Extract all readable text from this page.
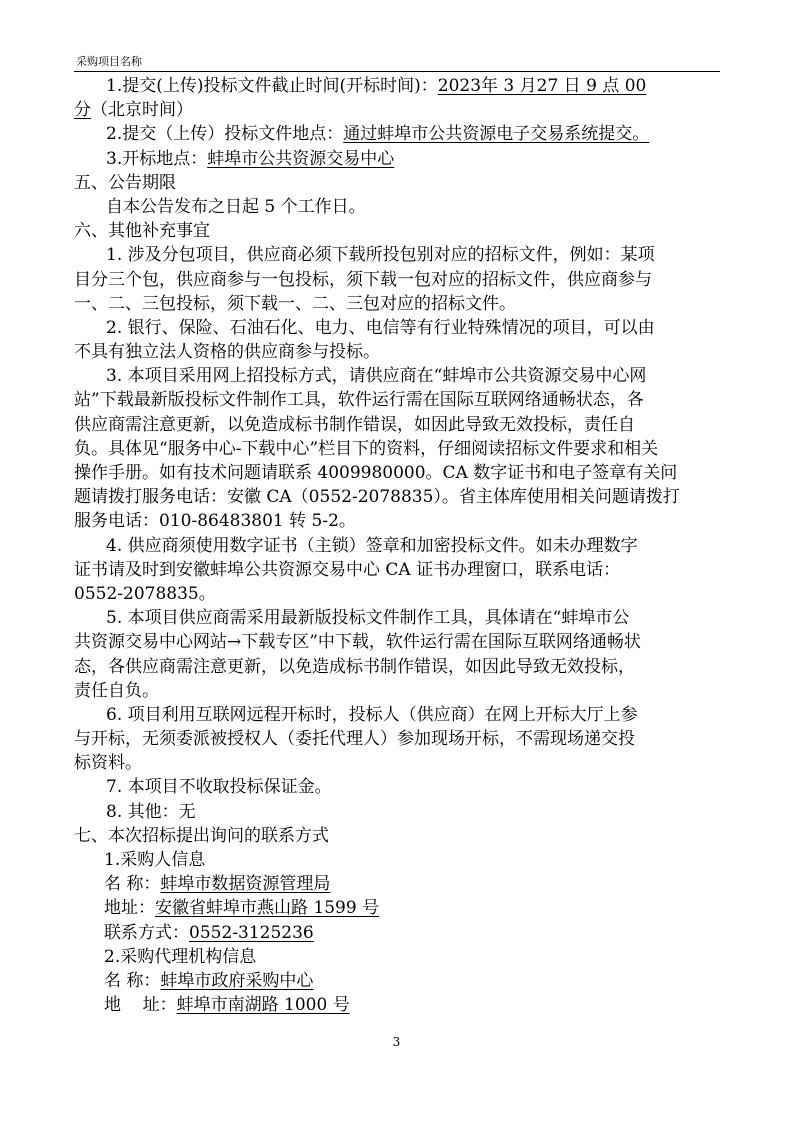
采购项目名称
1.提交(上传)投标文件截止时间(开标时间)：2023年 3 月27 日 9 点 00
分（北京时间）
2.提交（上传）投标文件地点：通过蚌埠市公共资源电子交易系统提交。
3.开标地点：蚌埠市公共资源交易中心
五、公告期限
自本公告发布之日起 5 个工作日。
六、其他补充事宜
1. 涉及分包项目，供应商必须下载所投包别对应的招标文件，例如：某项
目分三个包，供应商参与一包投标，须下载一包对应的招标文件，供应商参与
一、二、三包投标，须下载一、二、三包对应的招标文件。
2. 银行、保险、石油石化、电力、电信等有行业特殊情况的项目，可以由
不具有独立法人资格的供应商参与投标。
3. 本项目采用网上招投标方式，请供应商在“蚌埠市公共资源交易中心网
站”下载最新版投标文件制作工具，软件运行需在国际互联网络通畅状态，各
供应商需注意更新，以免造成标书制作错误，如因此导致无效投标，责任自
负。具体见“服务中心-下载中心”栏目下的资料，仔细阅读招标文件要求和相关
操作手册。如有技术问题请联系 4009980000。CA 数字证书和电子签章有关问
题请拨打服务电话：安徽 CA（0552-2078835）。省主体库使用相关问题请拨打
服务电话：010-86483801 转 5-2。
4. 供应商须使用数字证书（主锁）签章和加密投标文件。如未办理数字
证书请及时到安徽蚌埠公共资源交易中心 CA 证书办理窗口，联系电话：
0552-2078835。
5. 本项目供应商需采用最新版投标文件制作工具，具体请在“蚌埠市公
共资源交易中心网站→下载专区”中下载，软件运行需在国际互联网络通畅状
态，各供应商需注意更新，以免造成标书制作错误，如因此导致无效投标，
责任自负。
6. 项目利用互联网远程开标时，投标人（供应商）在网上开标大厅上参
与开标，无须委派被授权人（委托代理人）参加现场开标，不需现场递交投
标资料。
7. 本项目不收取投标保证金。
8. 其他：无
七、本次招标提出询问的联系方式
1.采购人信息
名 称：蚌埠市数据资源管理局
地址：安徽省蚌埠市燕山路 1599 号
联系方式：0552-3125236
2.采购代理机构信息
名 称：蚌埠市政府采购中心
地    址：蚌埠市南湖路 1000 号
3
